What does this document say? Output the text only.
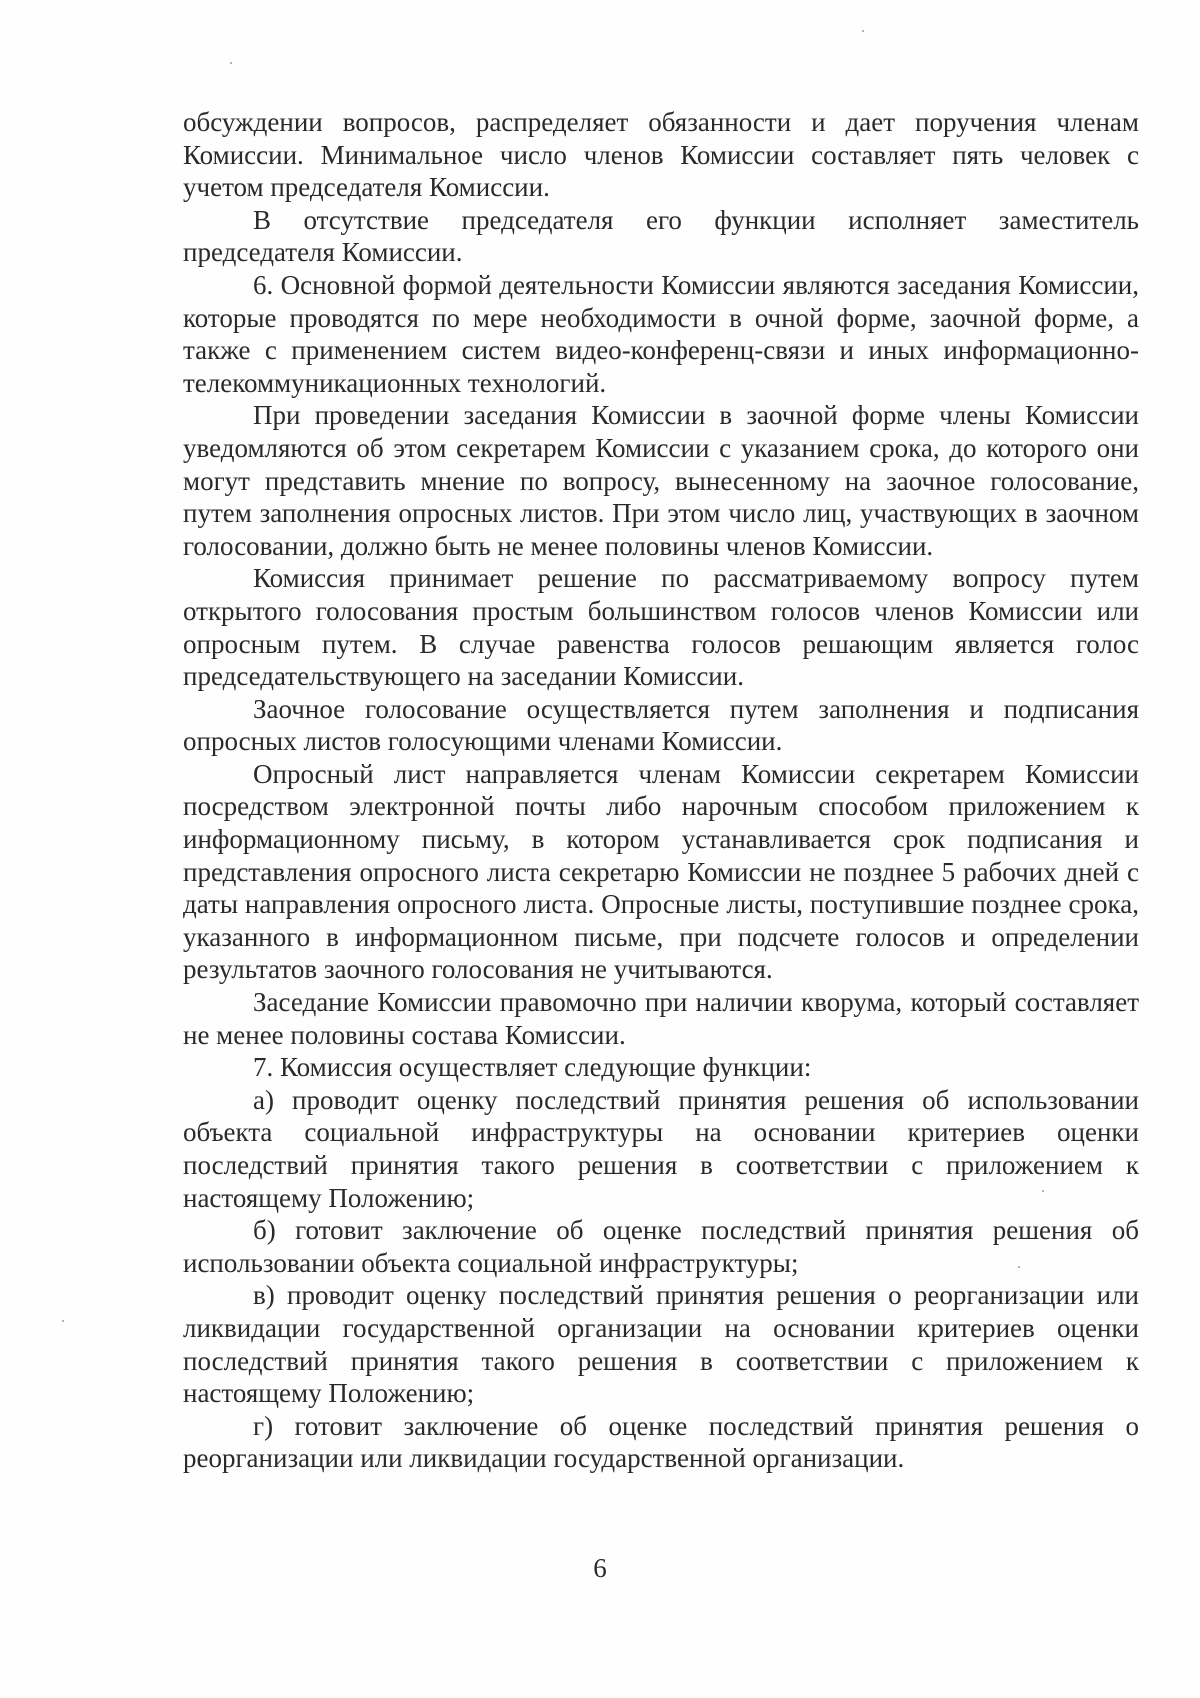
обсуждении вопросов, распределяет обязанности и дает поручения членам Комиссии. Минимальное число членов Комиссии составляет пять человек с учетом председателя Комиссии.

В отсутствие председателя его функции исполняет заместитель председателя Комиссии.

6. Основной формой деятельности Комиссии являются заседания Комиссии, которые проводятся по мере необходимости в очной форме, заочной форме, а также с применением систем видео-конференц-связи и иных информационно-телекоммуникационных технологий.

При проведении заседания Комиссии в заочной форме члены Комиссии уведомляются об этом секретарем Комиссии с указанием срока, до которого они могут представить мнение по вопросу, вынесенному на заочное голосование, путем заполнения опросных листов. При этом число лиц, участвующих в заочном голосовании, должно быть не менее половины членов Комиссии.

Комиссия принимает решение по рассматриваемому вопросу путем открытого голосования простым большинством голосов членов Комиссии или опросным путем. В случае равенства голосов решающим является голос председательствующего на заседании Комиссии.

Заочное голосование осуществляется путем заполнения и подписания опросных листов голосующими членами Комиссии.

Опросный лист направляется членам Комиссии секретарем Комиссии посредством электронной почты либо нарочным способом приложением к информационному письму, в котором устанавливается срок подписания и представления опросного листа секретарю Комиссии не позднее 5 рабочих дней с даты направления опросного листа. Опросные листы, поступившие позднее срока, указанного в информационном письме, при подсчете голосов и определении результатов заочного голосования не учитываются.

Заседание Комиссии правомочно при наличии кворума, который составляет не менее половины состава Комиссии.

7. Комиссия осуществляет следующие функции:

а) проводит оценку последствий принятия решения об использовании объекта социальной инфраструктуры на основании критериев оценки последствий принятия такого решения в соответствии с приложением к настоящему Положению;

б) готовит заключение об оценке последствий принятия решения об использовании объекта социальной инфраструктуры;

в) проводит оценку последствий принятия решения о реорганизации или ликвидации государственной организации на основании критериев оценки последствий принятия такого решения в соответствии с приложением к настоящему Положению;

г) готовит заключение об оценке последствий принятия решения о реорганизации или ликвидации государственной организации.

6
